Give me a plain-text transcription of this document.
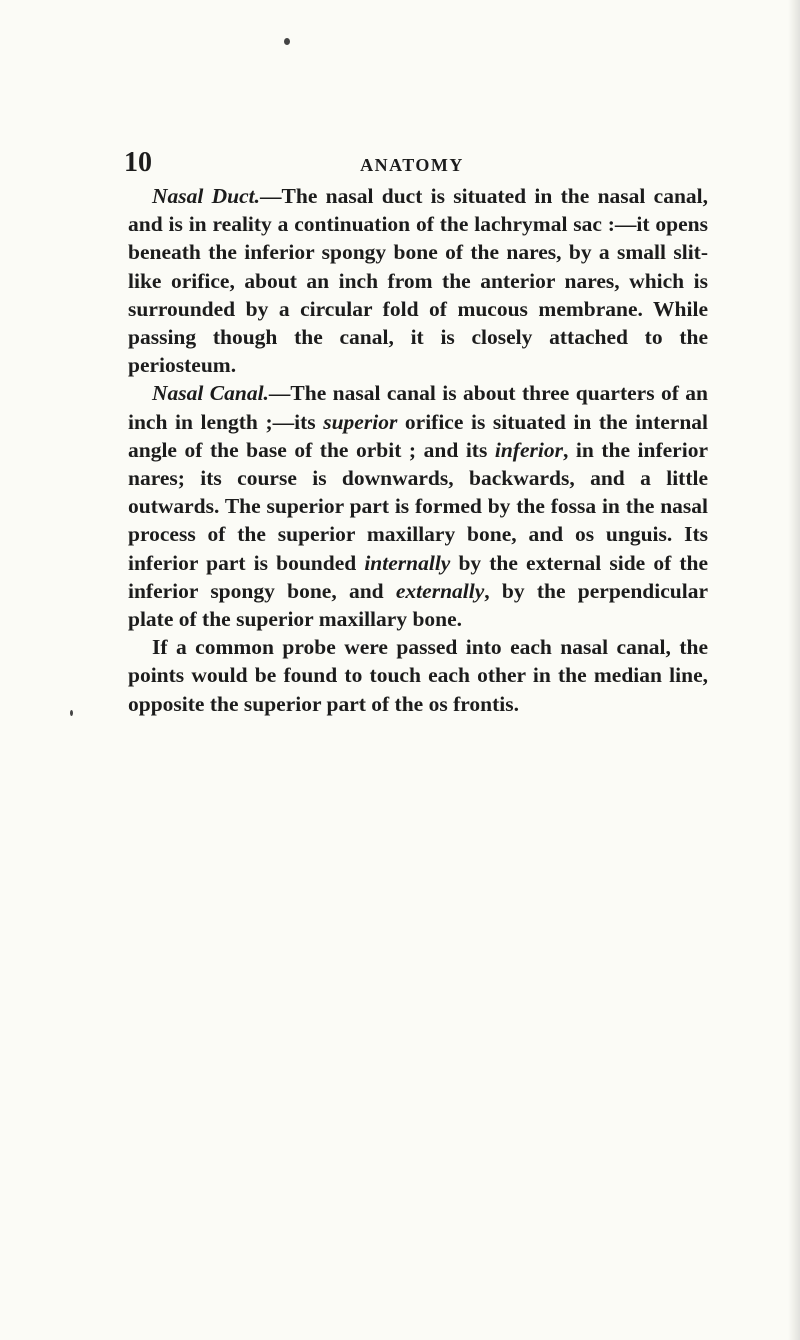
10	ANATOMY

Nasal Duct.—The nasal duct is situated in the nasal canal, and is in reality a continuation of the lachrymal sac :—it opens beneath the inferior spongy bone of the nares, by a small slit-like orifice, about an inch from the anterior nares, which is surrounded by a circular fold of mucous membrane. While passing though the canal, it is closely attached to the periosteum.

Nasal Canal.—The nasal canal is about three quarters of an inch in length ;—its superior orifice is situated in the internal angle of the base of the orbit ; and its inferior, in the inferior nares; its course is downwards, backwards, and a little outwards. The superior part is formed by the fossa in the nasal process of the superior maxillary bone, and os unguis. Its inferior part is bounded internally by the external side of the inferior spongy bone, and externally, by the perpendicular plate of the superior maxillary bone.

If a common probe were passed into each nasal canal, the points would be found to touch each other in the median line, opposite the superior part of the os frontis.
